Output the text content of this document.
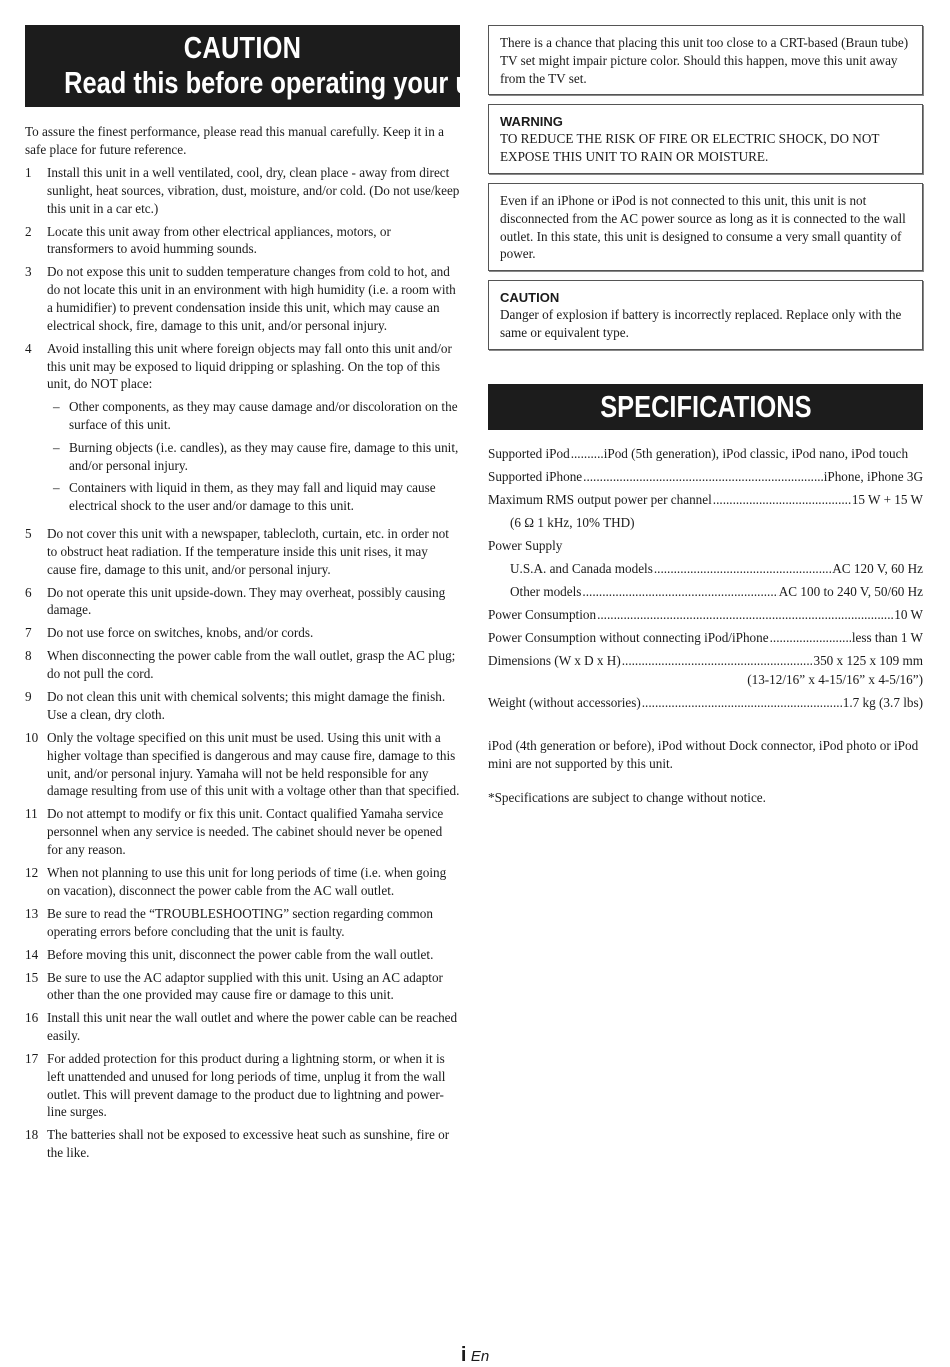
CAUTION
Read this before operating your unit.

To assure the finest performance, please read this manual carefully. Keep it in a safe place for future reference.

1	Install this unit in a well ventilated, cool, dry, clean place - away from direct sunlight, heat sources, vibration, dust, moisture, and/or cold. (Do not use/keep this unit in a car etc.)
2	Locate this unit away from other electrical appliances, motors, or transformers to avoid humming sounds.
3	Do not expose this unit to sudden temperature changes from cold to hot, and do not locate this unit in an environment with high humidity (i.e. a room with a humidifier) to prevent condensation inside this unit, which may cause an electrical shock, fire, damage to this unit, and/or personal injury.
4	Avoid installing this unit where foreign objects may fall onto this unit and/or this unit may be exposed to liquid dripping or splashing. On the top of this unit, do NOT place:
– Other components, as they may cause damage and/or discoloration on the surface of this unit.
– Burning objects (i.e. candles), as they may cause fire, damage to this unit, and/or personal injury.
– Containers with liquid in them, as they may fall and liquid may cause electrical shock to the user and/or damage to this unit.
5	Do not cover this unit with a newspaper, tablecloth, curtain, etc. in order not to obstruct heat radiation. If the temperature inside this unit rises, it may cause fire, damage to this unit, and/or personal injury.
6	Do not operate this unit upside-down. They may overheat, possibly causing damage.
7	Do not use force on switches, knobs, and/or cords.
8	When disconnecting the power cable from the wall outlet, grasp the AC plug; do not pull the cord.
9	Do not clean this unit with chemical solvents; this might damage the finish. Use a clean, dry cloth.
10 Only the voltage specified on this unit must be used. Using this unit with a higher voltage than specified is dangerous and may cause fire, damage to this unit, and/or personal injury. Yamaha will not be held responsible for any damage resulting from use of this unit with a voltage other than that specified.
11 Do not attempt to modify or fix this unit. Contact qualified Yamaha service personnel when any service is needed. The cabinet should never be opened for any reason.
12 When not planning to use this unit for long periods of time (i.e. when going on vacation), disconnect the power cable from the AC wall outlet.
13 Be sure to read the “TROUBLESHOOTING” section regarding common operating errors before concluding that the unit is faulty.
14 Before moving this unit, disconnect the power cable from the wall outlet.
15 Be sure to use the AC adaptor supplied with this unit. Using an AC adaptor other than the one provided may cause fire or damage to this unit.
16 Install this unit near the wall outlet and where the power cable can be reached easily.
17 For added protection for this product during a lightning storm, or when it is left unattended and unused for long periods of time, unplug it from the wall outlet. This will prevent damage to the product due to lightning and power-line surges.
18 The batteries shall not be exposed to excessive heat such as sunshine, fire or the like.

There is a chance that placing this unit too close to a CRT-based (Braun tube) TV set might impair picture color. Should this happen, move this unit away from the TV set.

WARNING

TO REDUCE THE RISK OF FIRE OR ELECTRIC SHOCK, DO NOT EXPOSE THIS UNIT TO RAIN OR MOISTURE.

Even if an iPhone or iPod is not connected to this unit, this unit is not disconnected from the AC power source as long as it is connected to the wall outlet. In this state, this unit is designed to consume a very small quantity of power.

CAUTION

Danger of explosion if battery is incorrectly replaced. Replace only with the same or equivalent type.

SPECIFICATIONS
Supported iPod .....	iPod (5th generation), iPod classic, iPod nano, iPod touch
Supported iPhone .....	iPhone, iPhone 3G
Maximum RMS output power per channel .....	15 W + 15 W
(6 Ω 1 kHz, 10% THD)
Power Supply
U.S.A. and Canada models .....	AC 120 V, 60 Hz
Other models .....	AC 100 to 240 V, 50/60 Hz
Power Consumption .....	10 W
Power Consumption without connecting iPod/iPhone .....	less than 1 W
Dimensions (W x D x H) .....	350 x 125 x 109 mm
(13-12/16” x 4-15/16” x 4-5/16”)
Weight (without accessories) .....	1.7 kg (3.7 lbs)

iPod (4th generation or before), iPod without Dock connector, iPod photo or iPod mini are not supported by this unit.

*Specifications are subject to change without notice.

i En
